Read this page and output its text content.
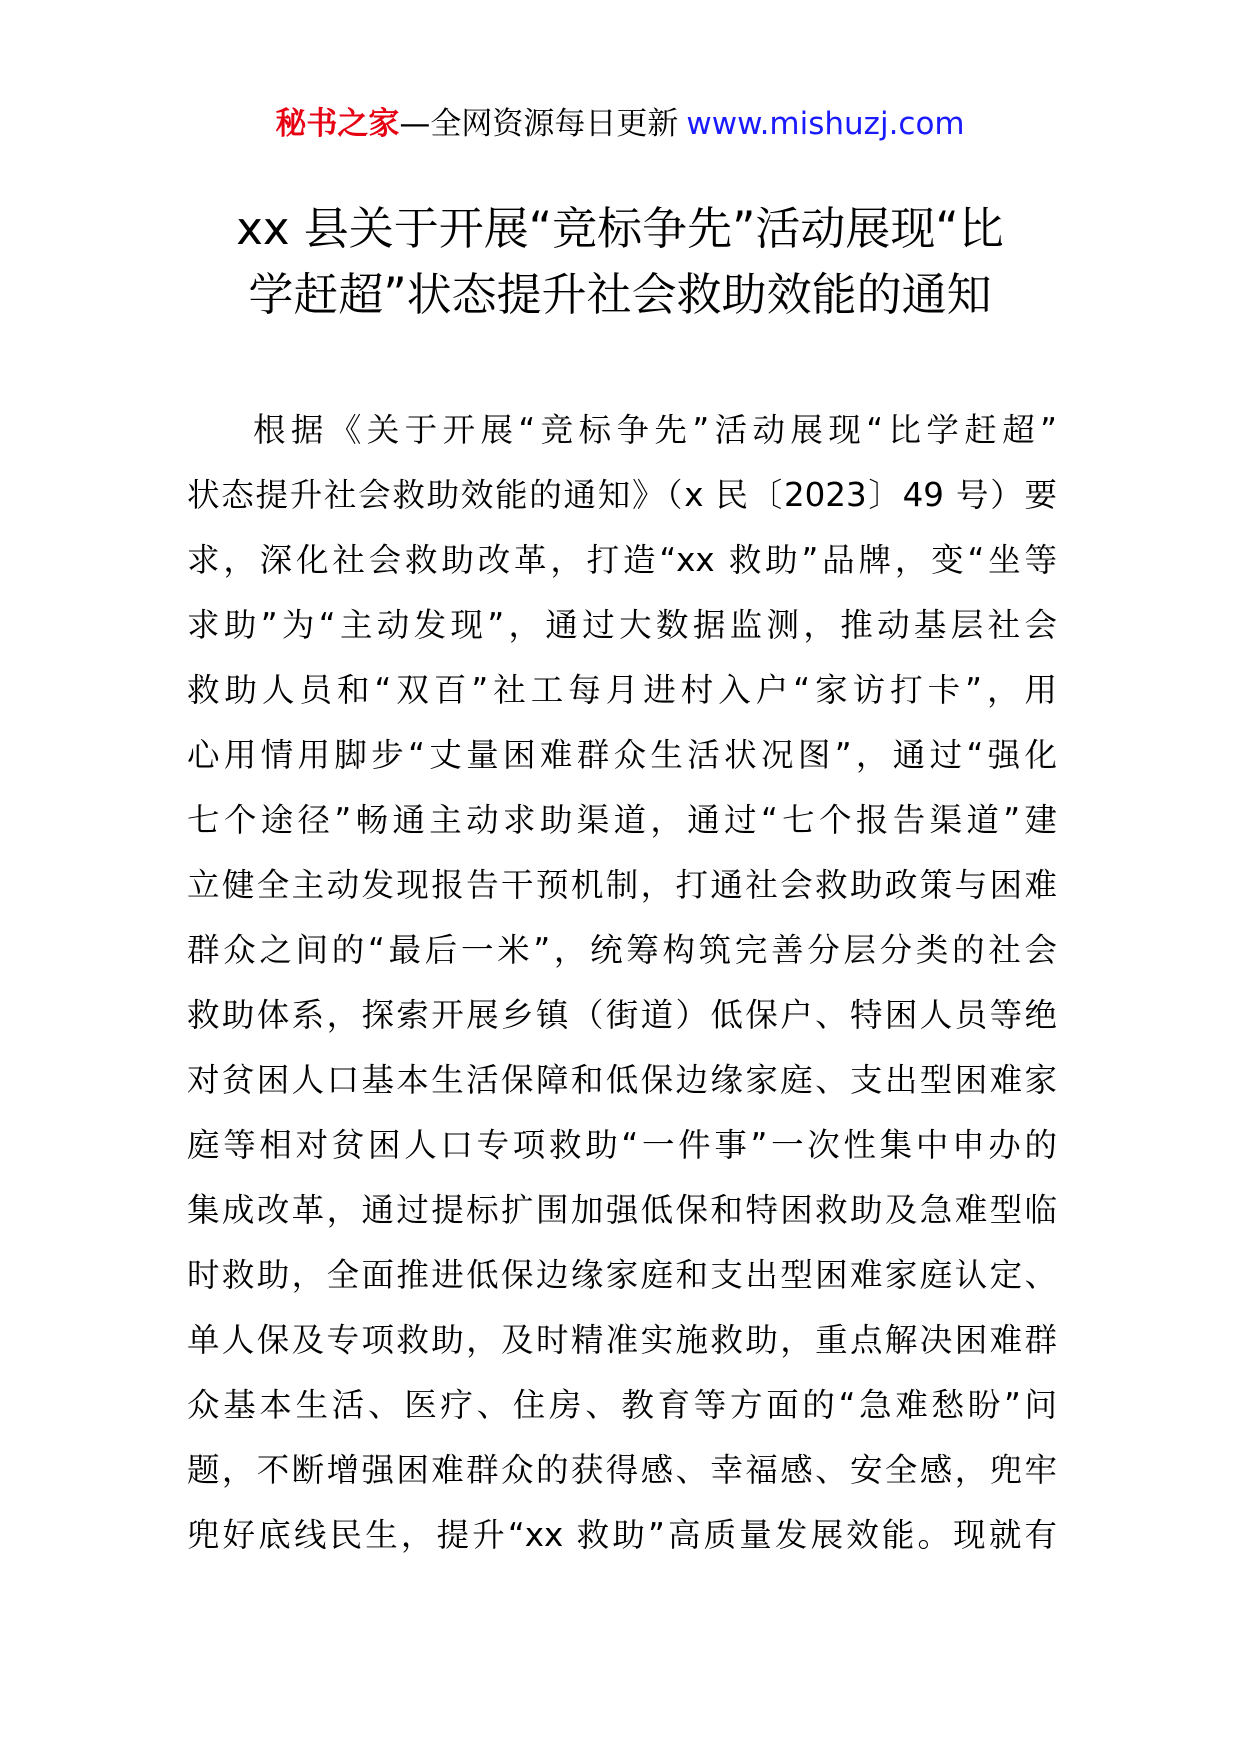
秘书之家—全网资源每日更新 www.mishuzj.com
xx 县关于开展“竞标争先”活动展现“比
学赶超”状态提升社会救助效能的通知
根据《关于开展“竞标争先”活动展现“比学赶超”
状态提升社会救助效能的通知》（x 民〔2023〕49 号）要
求，深化社会救助改革，打造“xx 救助”品牌，变“坐等
求助”为“主动发现”，通过大数据监测，推动基层社会
救助人员和“双百”社工每月进村入户“家访打卡”，用
心用情用脚步“丈量困难群众生活状况图”，通过“强化
七个途径”畅通主动求助渠道，通过“七个报告渠道”建
立健全主动发现报告干预机制，打通社会救助政策与困难
群众之间的“最后一米”，统筹构筑完善分层分类的社会
救助体系，探索开展乡镇（街道）低保户、特困人员等绝
对贫困人口基本生活保障和低保边缘家庭、支出型困难家
庭等相对贫困人口专项救助“一件事”一次性集中申办的
集成改革，通过提标扩围加强低保和特困救助及急难型临
时救助，全面推进低保边缘家庭和支出型困难家庭认定、
单人保及专项救助，及时精准实施救助，重点解决困难群
众基本生活、医疗、住房、教育等方面的“急难愁盼”问
题，不断增强困难群众的获得感、幸福感、安全感，兜牢
兜好底线民生，提升“xx 救助”高质量发展效能。现就有
